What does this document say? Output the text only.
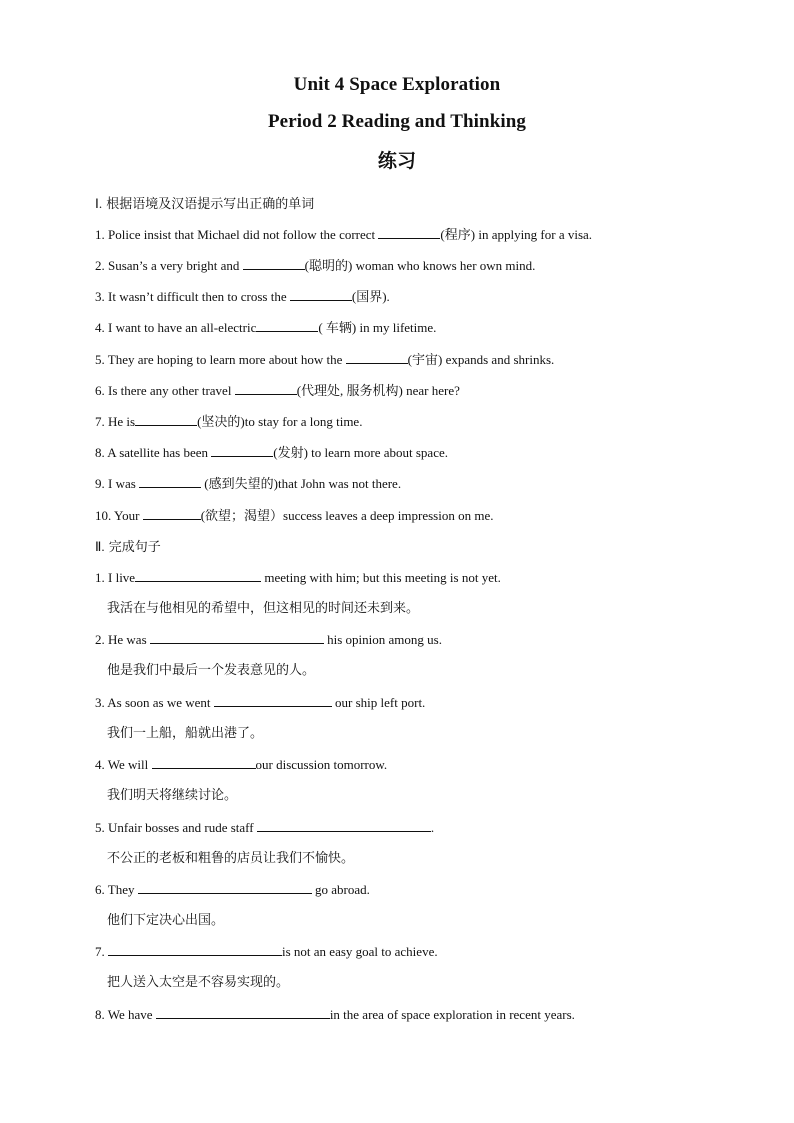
Unit 4 Space Exploration
Period 2 Reading and Thinking
练习
Ⅰ. 根据语境及汉语提示写出正确的单词
1. Police insist that Michael did not follow the correct	(程序) in applying for a visa.
2. Susan’s a very bright and	(聪明的) woman who knows her own mind.
3. It wasn’t difficult then to cross the	(国界).
4. I want to have an all-electric	( 车辆) in my lifetime.
5. They are hoping to learn more about how the	(宇宙) expands and shrinks.
6. Is there any other travel	(代理处, 服务机构) near here?
7. He is	(坚决的)to stay for a long time.
8. A satellite has been	(发射) to learn more about space.
9. I was	(感到失望的)that John was not there.
10. Your	(欲望；渴望）success leaves a deep impression on me.
Ⅱ. 完成句子
1. I live	meeting with him; but this meeting is not yet.
我活在与他相见的希望中，但这相见的时间还未到来。
2. He was	his opinion among us.
他是我们中最后一个发表意见的人。
3. As soon as we went	our ship left port.
我们一上船，船就出港了。
4. We will	our discussion tomorrow.
我们明天将继续讨论。
5. Unfair bosses and rude staff	.
不公正的老板和粗鲁的店员让我们不愉快。
6. They	go abroad.
他们下定决心出国。
7.	is not an easy goal to achieve.
把人送入太空是不容易实现的。
8. We have	in the area of space exploration in recent years.
